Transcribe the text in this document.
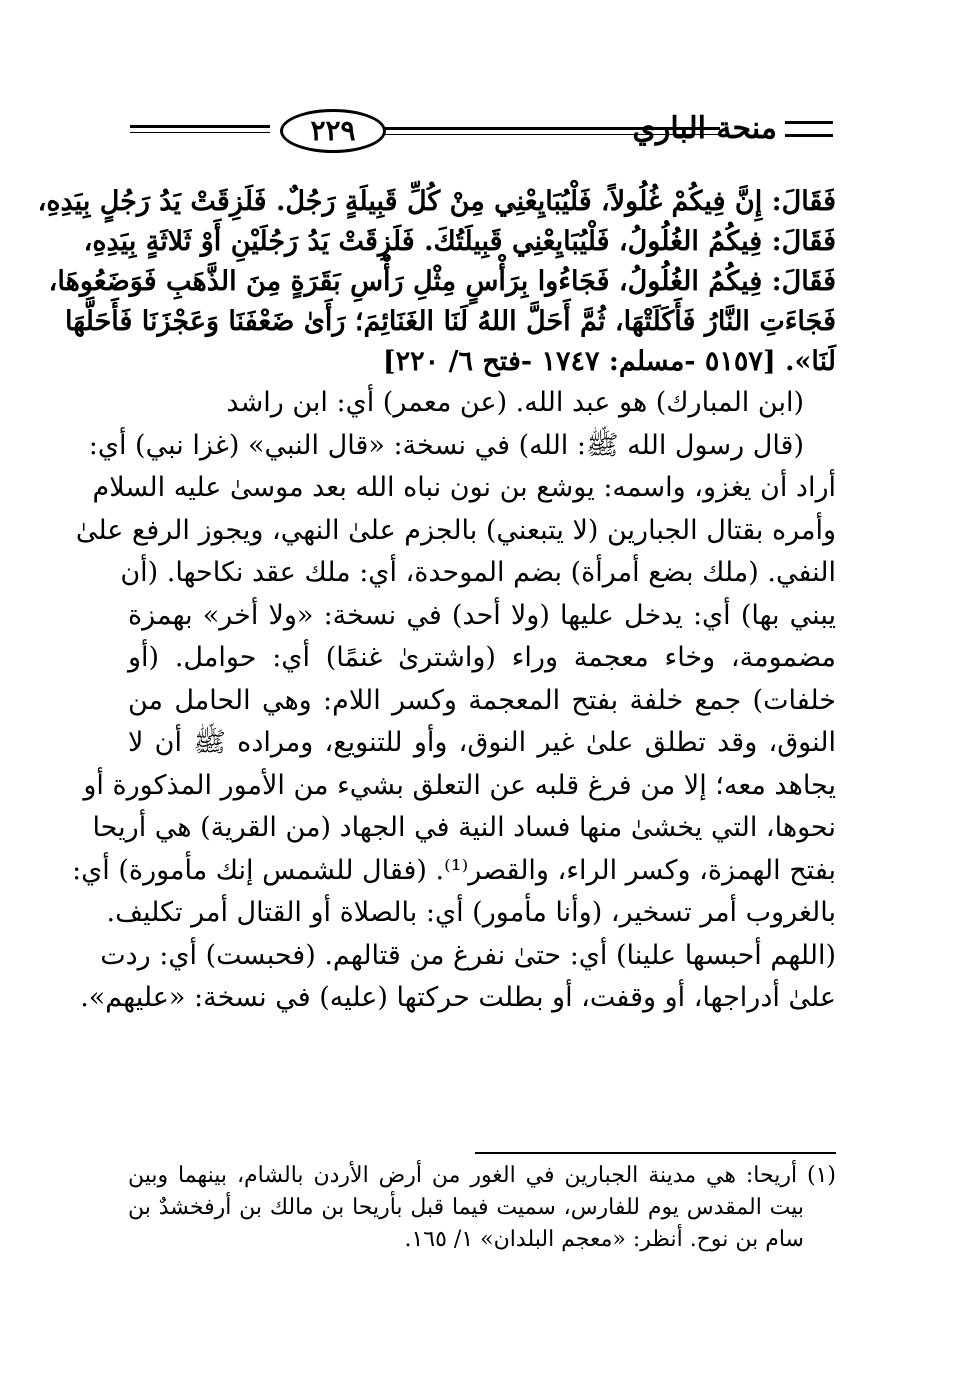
٢٢٩	منحة الباري

فَقَالَ: إِنَّ فِيكُمْ غُلُولاً، فَلْيُبَايِعْنِي مِنْ كُلِّ قَبِيلَةٍ رَجُلٌ. فَلَزِقَتْ يَدُ رَجُلٍ بِيَدِهِ،

فَقَالَ: فِيكُمُ الغُلُولُ، فَلْيُبَايِعْنِي قَبِيلَتُكَ. فَلَزِقَتْ يَدُ رَجُلَيْنِ أَوْ ثَلاثَةٍ بِيَدِهِ،

فَقَالَ: فِيكُمُ الغُلُولُ، فَجَاءُوا بِرَأْسٍ مِثْلِ رَأْسِ بَقَرَةٍ مِنَ الذَّهَبِ فَوَضَعُوهَا،

فَجَاءَتِ النَّارُ فَأَكَلَتْهَا، ثُمَّ أَحَلَّ اللهُ لَنَا الغَنَائِمَ؛ رَأَىٰ ضَعْفَنَا وَعَجْزَنَا فَأَحَلَّهَا

لَنَا». [٥١٥٧ -مسلم: ١٧٤٧ -فتح ٦/ ٢٢٠]

(ابن المبارك) هو عبد الله. (عن معمر) أي: ابن راشد

(قال رسول الله ﷺ: الله) في نسخة: «قال النبي» (غزا نبي) أي:

أراد أن يغزو، واسمه: يوشع بن نون نباه الله بعد موسىٰ عليه السلام

وأمره بقتال الجبارين (لا يتبعني) بالجزم علىٰ النهي، ويجوز الرفع علىٰ

النفي. (ملك بضع أمرأة) بضم الموحدة، أي: ملك عقد نكاحها. (أن

يبني بها) أي: يدخل عليها (ولا أحد) في نسخة: «ولا أخر» بهمزة

مضمومة، وخاء معجمة وراء (واشترىٰ غنمًا) أي: حوامل. (أو

خلفات) جمع خلفة بفتح المعجمة وكسر اللام: وهي الحامل من

النوق، وقد تطلق علىٰ غير النوق، وأو للتنويع، ومراده ﷺ أن لا

يجاهد معه؛ إلا من فرغ قلبه عن التعلق بشيء من الأمور المذكورة أو

نحوها، التي يخشىٰ منها فساد النية في الجهاد (من القرية) هي أريحا

بفتح الهمزة، وكسر الراء، والقصر⁽¹⁾. (فقال للشمس إنك مأمورة) أي:

بالغروب أمر تسخير، (وأنا مأمور) أي: بالصلاة أو القتال أمر تكليف.

(اللهم أحبسها علينا) أي: حتىٰ نفرغ من قتالهم. (فحبست) أي: ردت

علىٰ أدراجها، أو وقفت، أو بطلت حركتها (عليه) في نسخة: «عليهم».

(١) أريحا: هي مدينة الجبارين في الغور من أرض الأردن بالشام، بينهما وبين

بيت المقدس يوم للفارس، سميت فيما قبل بأريحا بن مالك بن أرفخشدٌ بن

سام بن نوح. أنظر: «معجم البلدان» ١/ ١٦٥.
